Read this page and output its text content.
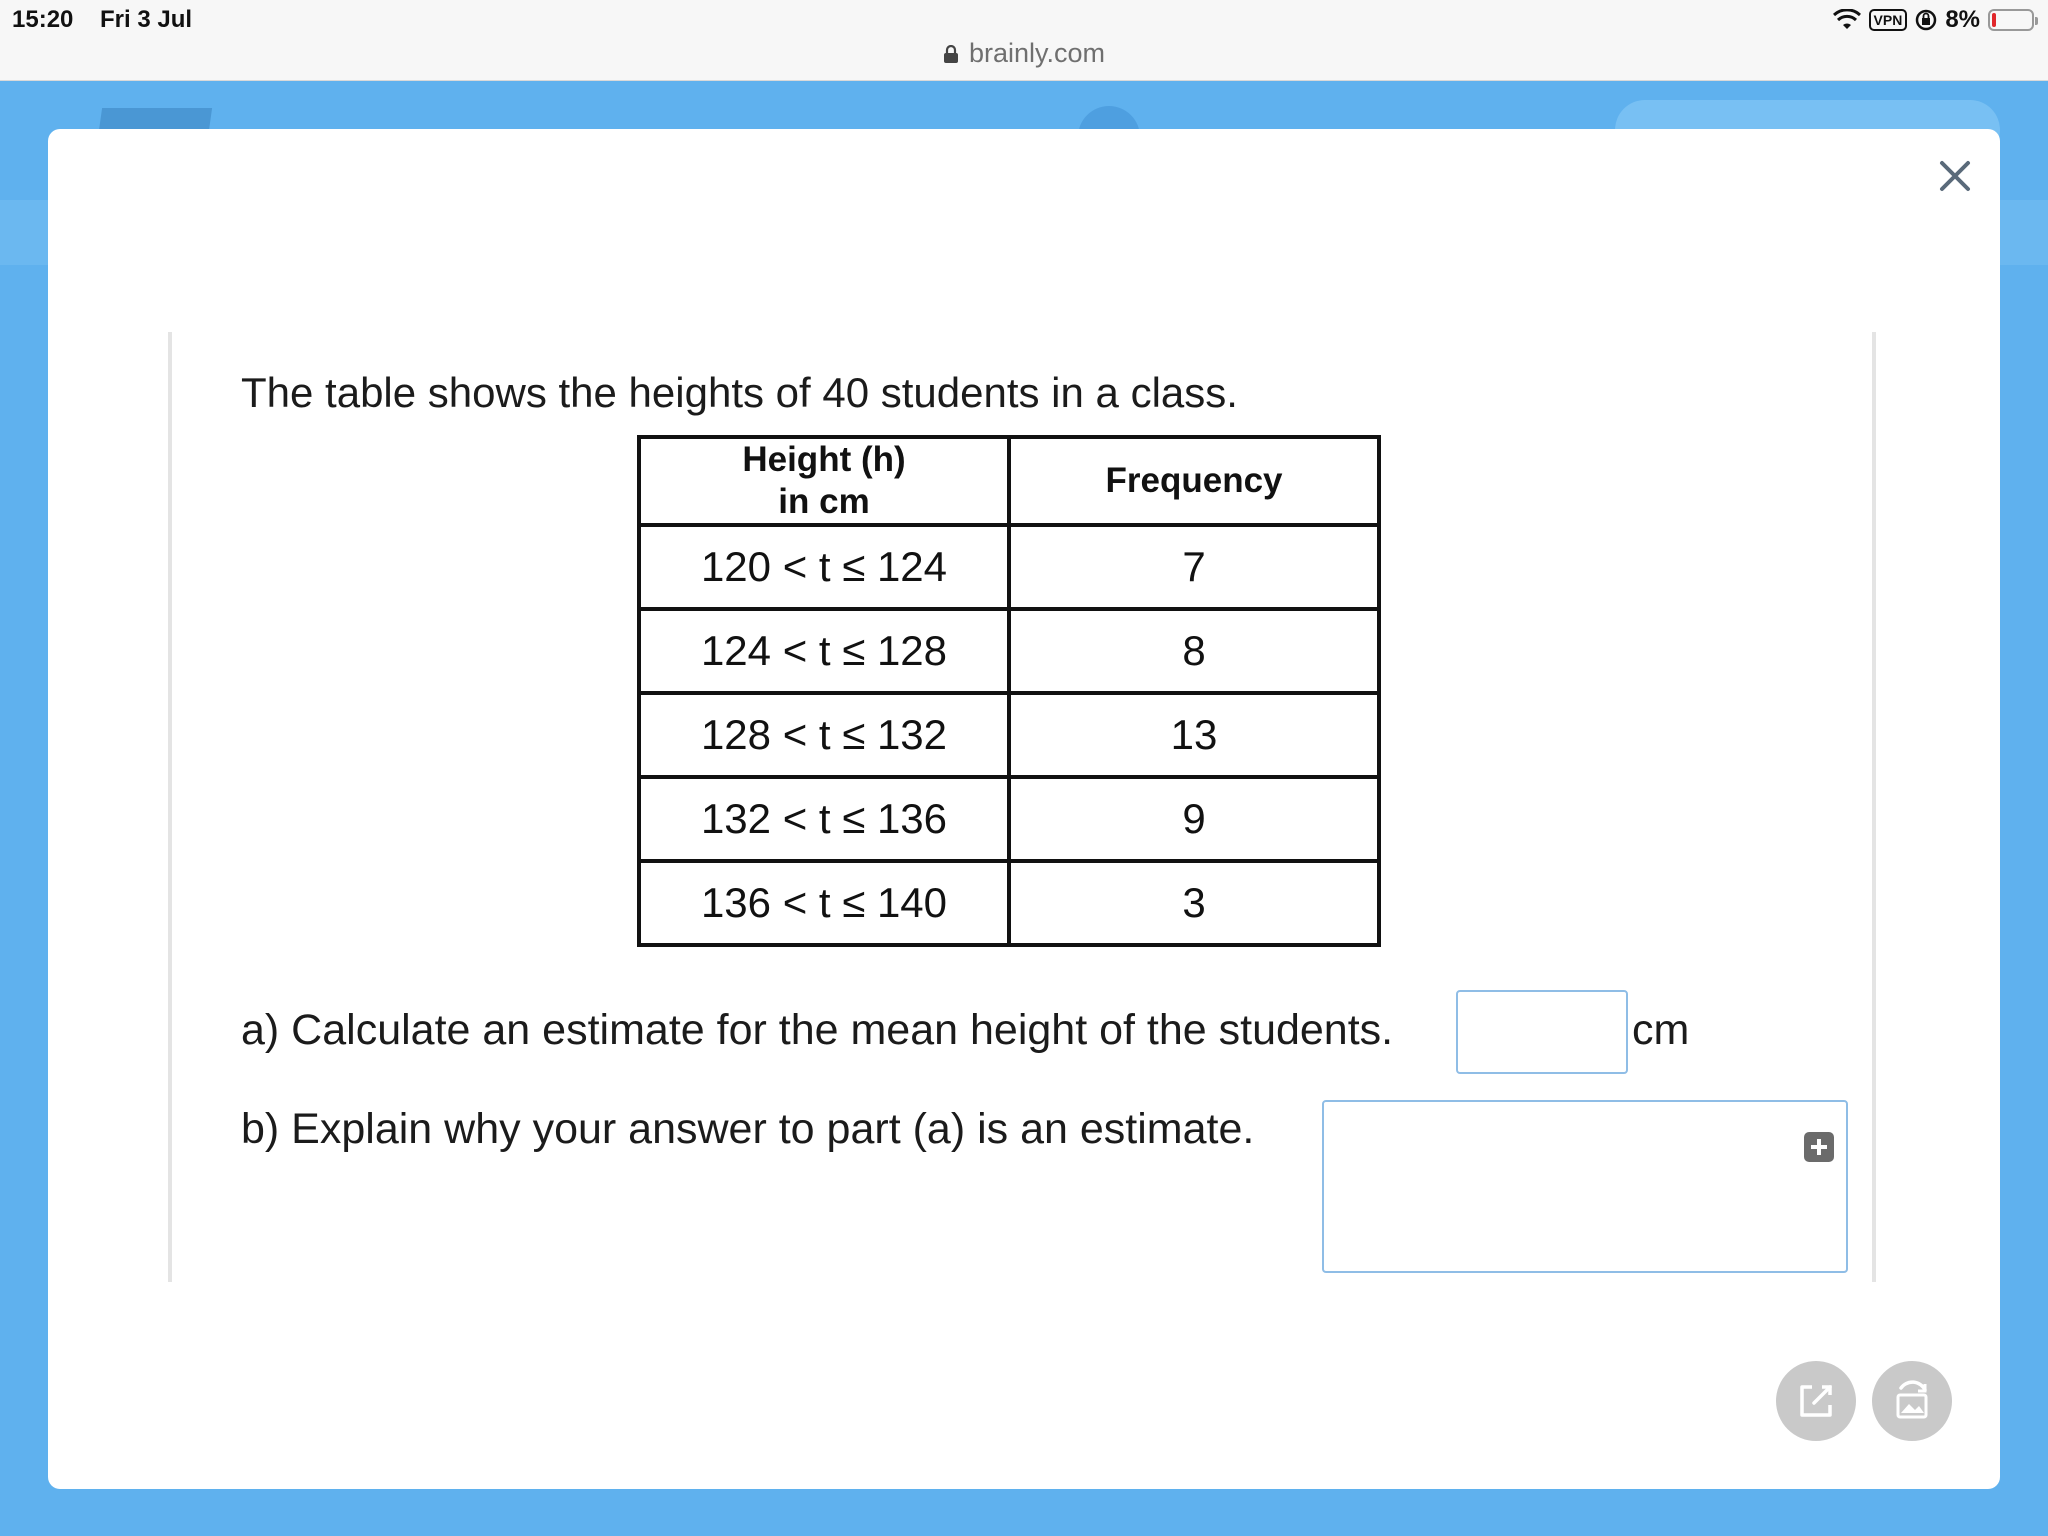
15:20 Fri 3 Jul	VPN 8%
brainly.com
The table shows the heights of 40 students in a class.
Height (h)
in cm	Frequency
120 < t ≤ 124	7
124 < t ≤ 128	8
128 < t ≤ 132	13
132 < t ≤ 136	9
136 < t ≤ 140	3
a) Calculate an estimate for the mean height of the students.	cm
b) Explain why your answer to part (a) is an estimate.
